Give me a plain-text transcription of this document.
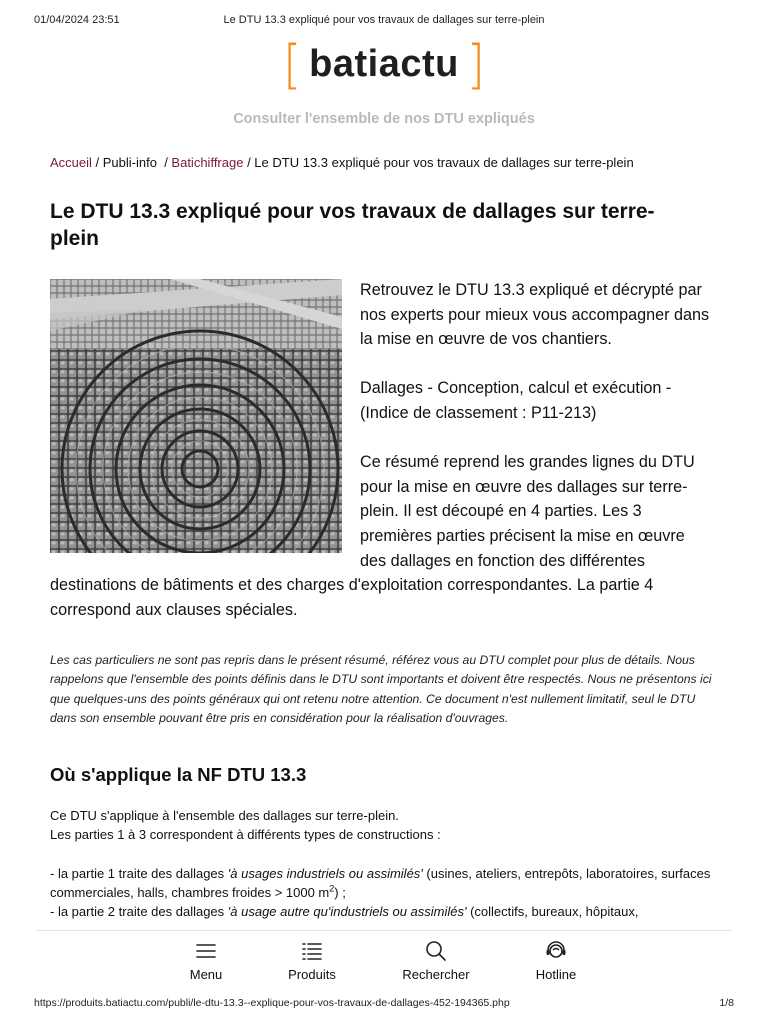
01/04/2024 23:51	Le DTU 13.3 expliqué pour vos travaux de dallages sur terre-plein
[ batiactu ]
Consulter l'ensemble de nos DTU expliqués
Accueil / Publi-info  / Batichiffrage / Le DTU 13.3 expliqué pour vos travaux de dallages sur terre-plein
Le DTU 13.3 expliqué pour vos travaux de dallages sur terre-plein

Retrouvez le DTU 13.3 expliqué et décrypté par nos experts pour mieux vous accompagner dans la mise en œuvre de vos chantiers.

Dallages - Conception, calcul et exécution - (Indice de classement : P11-213)

Ce résumé reprend les grandes lignes du DTU pour la mise en œuvre des dallages sur terre-plein. Il est découpé en 4 parties. Les 3 premières parties précisent la mise en œuvre des dallages en fonction des différentes destinations de bâtiments et des charges d'exploitation correspondantes. La partie 4 correspond aux clauses spéciales.

Les cas particuliers ne sont pas repris dans le présent résumé, référez vous au DTU complet pour plus de détails. Nous rappelons que l'ensemble des points définis dans le DTU sont importants et doivent être respectés. Nous ne présentons ici que quelques-uns des points généraux qui ont retenu notre attention. Ce document n'est nullement limitatif, seul le DTU dans son ensemble pouvant être pris en considération pour la réalisation d'ouvrages.

Où s'applique la NF DTU 13.3

Ce DTU s'applique à l'ensemble des dallages sur terre-plein.

Les parties 1 à 3 correspondent à différents types de constructions :

- la partie 1 traite des dallages 'à usages industriels ou assimilés' (usines, ateliers, entrepôts, laboratoires, surfaces commerciales, halls, chambres froides > 1000 $m^2$) ;

- la partie 2 traite des dallages 'à usage autre qu'industriels ou assimilés' (collectifs, bureaux, hôpitaux,

Menu	Produits	Rechercher	Hotline
https://produits.batiactu.com/publi/le-dtu-13.3--explique-pour-vos-travaux-de-dallages-452-194365.php	1/8
